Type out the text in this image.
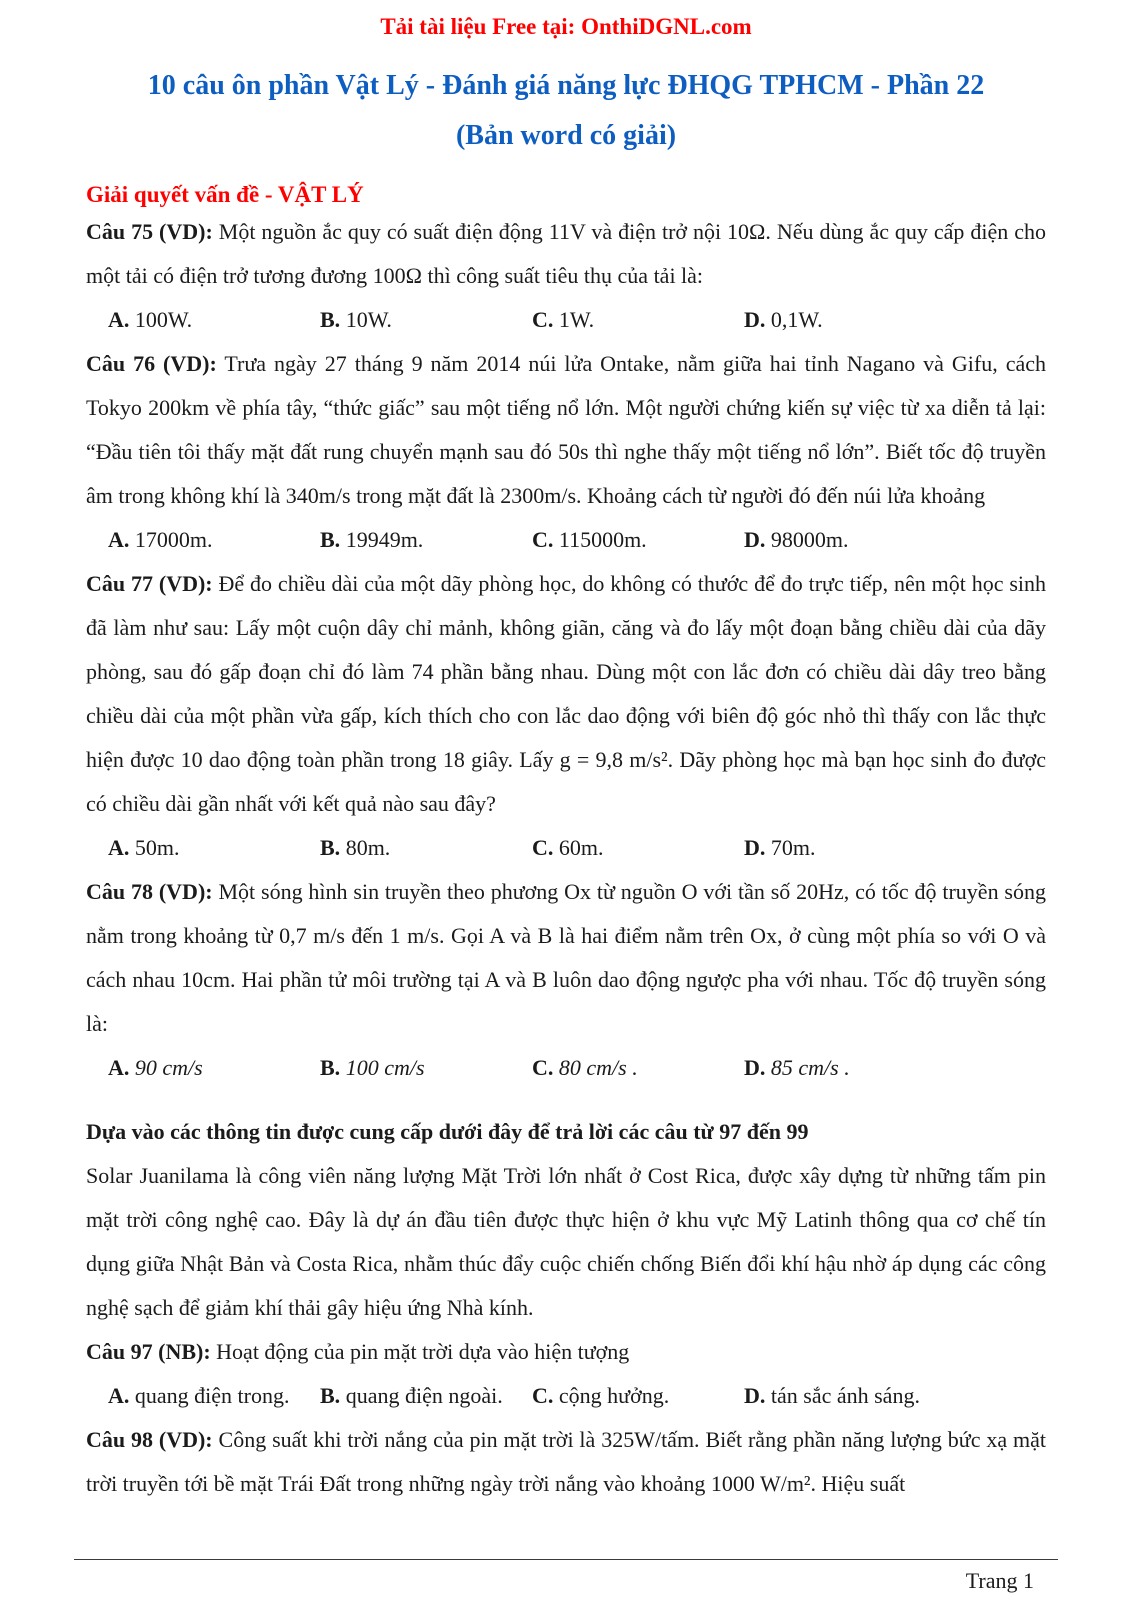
Tải tài liệu Free tại: OnthiDGNL.com
10 câu ôn phần Vật Lý - Đánh giá năng lực ĐHQG TPHCM - Phần 22
(Bản word có giải)
Giải quyết vấn đề - VẬT LÝ

Câu 75 (VD): Một nguồn ắc quy có suất điện động 11V và điện trở nội 10Ω. Nếu dùng ắc quy cấp điện cho một tải có điện trở tương đương 100Ω thì công suất tiêu thụ của tải là:

A. 100W.	B. 10W.	C. 1W.	D. 0,1W.

Câu 76 (VD): Trưa ngày 27 tháng 9 năm 2014 núi lửa Ontake, nằm giữa hai tỉnh Nagano và Gifu, cách Tokyo 200km về phía tây, “thức giấc” sau một tiếng nổ lớn. Một người chứng kiến sự việc từ xa diễn tả lại: “Đầu tiên tôi thấy mặt đất rung chuyển mạnh sau đó 50s thì nghe thấy một tiếng nổ lớn”. Biết tốc độ truyền âm trong không khí là 340m/s trong mặt đất là 2300m/s. Khoảng cách từ người đó đến núi lửa khoảng

A. 17000m.	B. 19949m.	C. 115000m.	D. 98000m.

Câu 77 (VD): Để đo chiều dài của một dãy phòng học, do không có thước để đo trực tiếp, nên một học sinh đã làm như sau: Lấy một cuộn dây chỉ mảnh, không giãn, căng và đo lấy một đoạn bằng chiều dài của dãy phòng, sau đó gấp đoạn chỉ đó làm 74 phần bằng nhau. Dùng một con lắc đơn có chiều dài dây treo bằng chiều dài của một phần vừa gấp, kích thích cho con lắc dao động với biên độ góc nhỏ thì thấy con lắc thực hiện được 10 dao động toàn phần trong 18 giây. Lấy g = 9,8 m/s². Dãy phòng học mà bạn học sinh đo được có chiều dài gần nhất với kết quả nào sau đây?

A. 50m.	B. 80m.	C. 60m.	D. 70m.

Câu 78 (VD): Một sóng hình sin truyền theo phương Ox từ nguồn O với tần số 20Hz, có tốc độ truyền sóng nằm trong khoảng từ 0,7 m/s đến 1 m/s. Gọi A và B là hai điểm nằm trên Ox, ở cùng một phía so với O và cách nhau 10cm. Hai phần tử môi trường tại A và B luôn dao động ngược pha với nhau. Tốc độ truyền sóng là:

A. 90 cm/s	B. 100 cm/s	C. 80 cm/s .	D. 85 cm/s .

Dựa vào các thông tin được cung cấp dưới đây để trả lời các câu từ 97 đến 99

Solar Juanilama là công viên năng lượng Mặt Trời lớn nhất ở Cost Rica, được xây dựng từ những tấm pin mặt trời công nghệ cao. Đây là dự án đầu tiên được thực hiện ở khu vực Mỹ Latinh thông qua cơ chế tín dụng giữa Nhật Bản và Costa Rica, nhằm thúc đẩy cuộc chiến chống Biến đổi khí hậu nhờ áp dụng các công nghệ sạch để giảm khí thải gây hiệu ứng Nhà kính.

Câu 97 (NB): Hoạt động của pin mặt trời dựa vào hiện tượng

A. quang điện trong.	B. quang điện ngoài.	C. cộng hưởng.	D. tán sắc ánh sáng.

Câu 98 (VD): Công suất khi trời nắng của pin mặt trời là 325W/tấm. Biết rằng phần năng lượng bức xạ mặt trời truyền tới bề mặt Trái Đất trong những ngày trời nắng vào khoảng 1000 W/m². Hiệu suất

Trang 1
